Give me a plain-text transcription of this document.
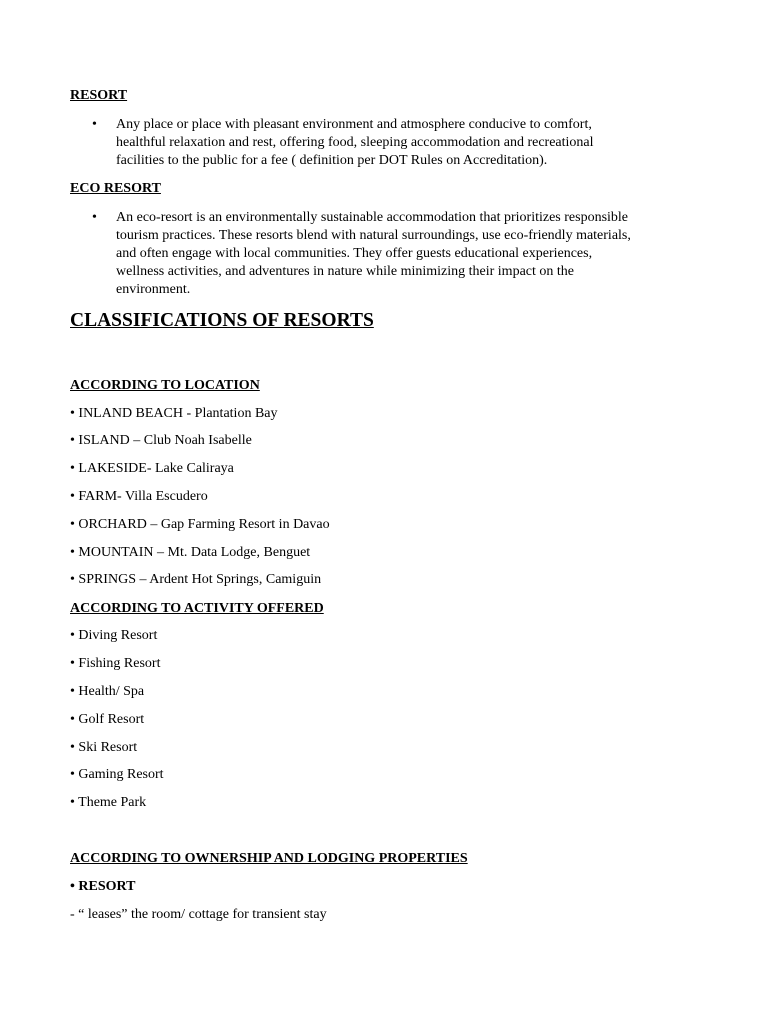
RESORT
• Any place or place with pleasant environment and atmosphere conducive to comfort,
healthful relaxation and rest, offering food, sleeping accommodation and recreational
facilities to the public for a fee ( definition per DOT Rules on Accreditation).
ECO RESORT
• An eco-resort is an environmentally sustainable accommodation that prioritizes responsible
tourism practices. These resorts blend with natural surroundings, use eco-friendly materials,
and often engage with local communities. They offer guests educational experiences,
wellness activities, and adventures in nature while minimizing their impact on the
environment.
CLASSIFICATIONS OF RESORTS
ACCORDING TO LOCATION
• INLAND BEACH - Plantation Bay
• ISLAND – Club Noah Isabelle
• LAKESIDE- Lake Caliraya
• FARM- Villa Escudero
• ORCHARD – Gap Farming Resort in Davao
• MOUNTAIN – Mt. Data Lodge, Benguet
• SPRINGS – Ardent Hot Springs, Camiguin
ACCORDING TO ACTIVITY OFFERED
• Diving Resort
• Fishing Resort
• Health/ Spa
• Golf Resort
• Ski Resort
• Gaming Resort
• Theme Park
ACCORDING TO OWNERSHIP AND LODGING PROPERTIES
• RESORT
- “ leases” the room/ cottage for transient stay
